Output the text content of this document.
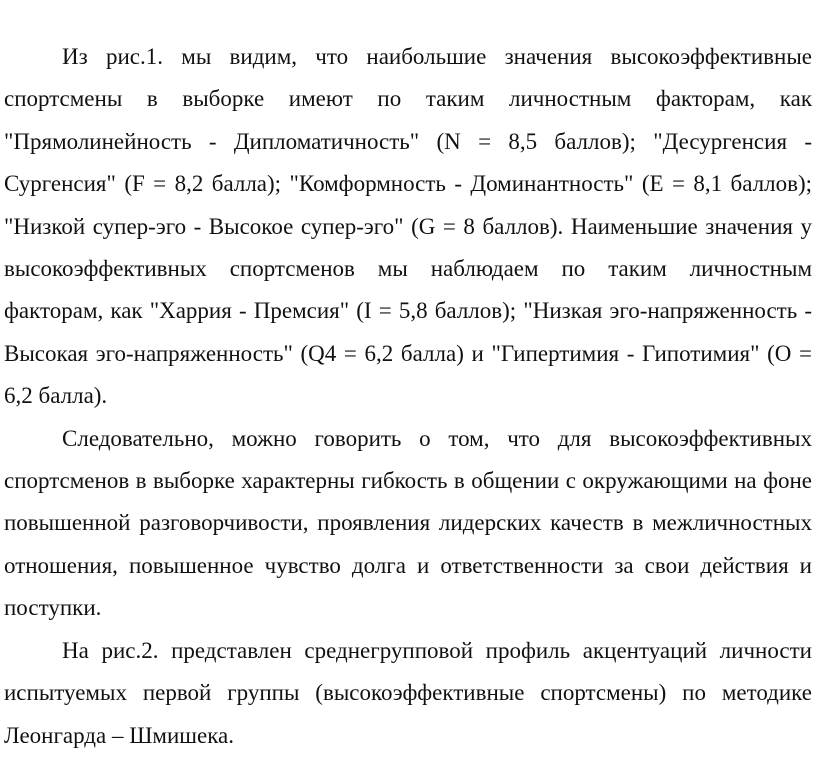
Из рис.1. мы видим, что наибольшие значения высокоэффективные спортсмены в выборке имеют по таким личностным факторам, как "Прямолинейность - Дипломатичность" (N = 8,5 баллов); "Десургенсия - Сургенсия" (F = 8,2 балла); "Комформность - Доминантность" (E = 8,1 баллов); "Низкой супер-эго - Высокое супер-эго" (G = 8 баллов). Наименьшие значения у высокоэффективных спортсменов мы наблюдаем по таким личностным факторам, как "Харрия - Премсия" (I = 5,8 баллов); "Низкая эго-напряженность - Высокая эго-напряженность" (Q4 = 6,2 балла) и "Гипертимия - Гипотимия" (O = 6,2 балла).

Следовательно, можно говорить о том, что для высокоэффективных спортсменов в выборке характерны гибкость в общении с окружающими на фоне повышенной разговорчивости, проявления лидерских качеств в межличностных отношения, повышенное чувство долга и ответственности за свои действия и поступки.

На рис.2. представлен среднегрупповой профиль акцентуаций личности испытуемых первой группы (высокоэффективные спортсмены) по методике Леонгарда – Шмишека.
